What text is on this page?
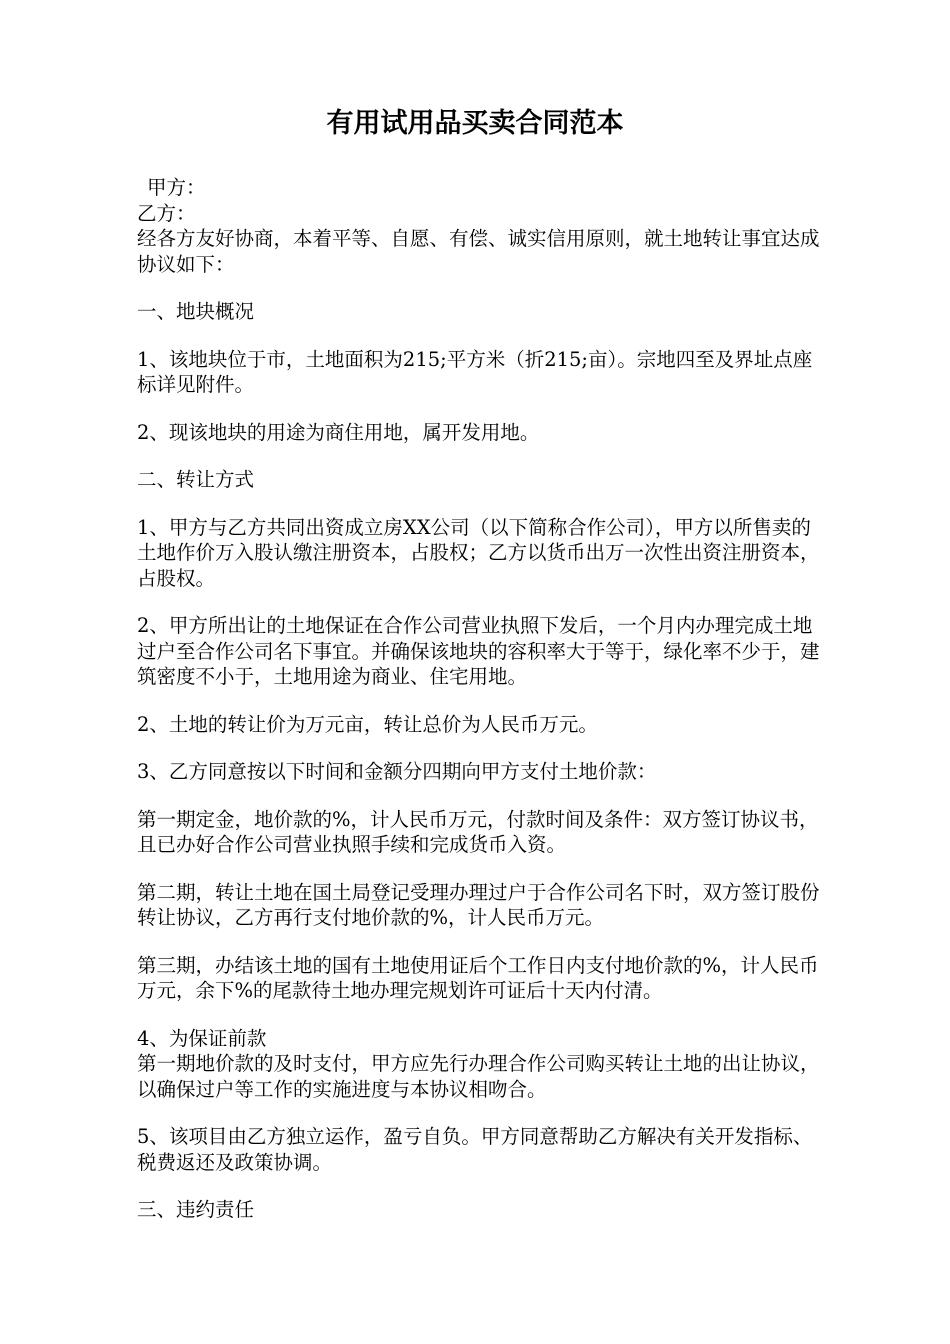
有用试用品买卖合同范本

甲方：

乙方：

经各方友好协商，本着平等、自愿、有偿、诚实信用原则，就土地转让事宜达成协议如下：

一、地块概况

1、该地块位于市，土地面积为215;平方米（折215;亩）。宗地四至及界址点座标详见附件。

2、现该地块的用途为商住用地，属开发用地。

二、转让方式

1、甲方与乙方共同出资成立房XX公司（以下简称合作公司），甲方以所售卖的土地作价万入股认缴注册资本，占股权；乙方以货币出万一次性出资注册资本，占股权。

2、甲方所出让的土地保证在合作公司营业执照下发后，一个月内办理完成土地过户至合作公司名下事宜。并确保该地块的容积率大于等于，绿化率不少于，建筑密度不小于，土地用途为商业、住宅用地。

2、土地的转让价为万元亩，转让总价为人民币万元。

3、乙方同意按以下时间和金额分四期向甲方支付土地价款：

第一期定金，地价款的%，计人民币万元，付款时间及条件：双方签订协议书，且已办好合作公司营业执照手续和完成货币入资。

第二期，转让土地在国土局登记受理办理过户于合作公司名下时，双方签订股份转让协议，乙方再行支付地价款的%，计人民币万元。

第三期，办结该土地的国有土地使用证后个工作日内支付地价款的%，计人民币万元，余下%的尾款待土地办理完规划许可证后十天内付清。

4、为保证前款

第一期地价款的及时支付，甲方应先行办理合作公司购买转让土地的出让协议，以确保过户等工作的实施进度与本协议相吻合。

5、该项目由乙方独立运作，盈亏自负。甲方同意帮助乙方解决有关开发指标、税费返还及政策协调。

三、违约责任
